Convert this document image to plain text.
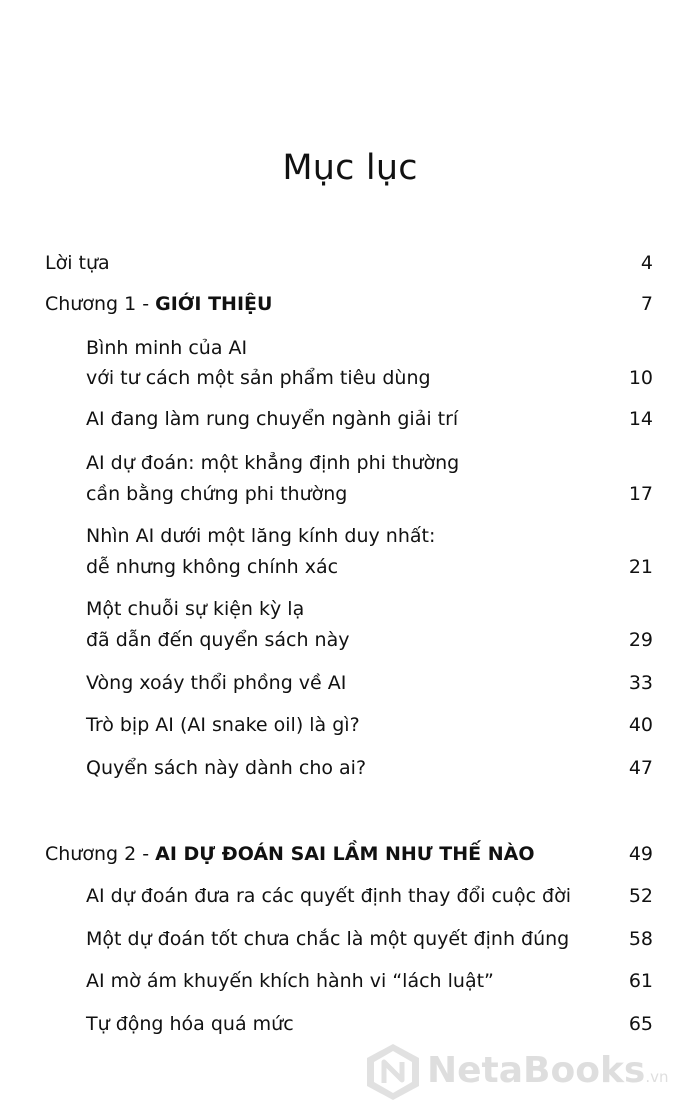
Mục lục
Lời tựa	4
Chương 1 - GIỚI THIỆU	7
Bình minh của AI
với tư cách một sản phẩm tiêu dùng	10
AI đang làm rung chuyển ngành giải trí	14
AI dự đoán: một khẳng định phi thường
cần bằng chứng phi thường	17
Nhìn AI dưới một lăng kính duy nhất:
dễ nhưng không chính xác	21
Một chuỗi sự kiện kỳ lạ
đã dẫn đến quyển sách này	29
Vòng xoáy thổi phồng về AI	33
Trò bịp AI (AI snake oil) là gì?	40
Quyển sách này dành cho ai?	47
Chương 2 - AI DỰ ĐOÁN SAI LẦM NHƯ THẾ NÀO	49
AI dự đoán đưa ra các quyết định thay đổi cuộc đời	52
Một dự đoán tốt chưa chắc là một quyết định đúng	58
AI mờ ám khuyến khích hành vi “lách luật”	61
Tự động hóa quá mức	65
NetaBooks.vn
